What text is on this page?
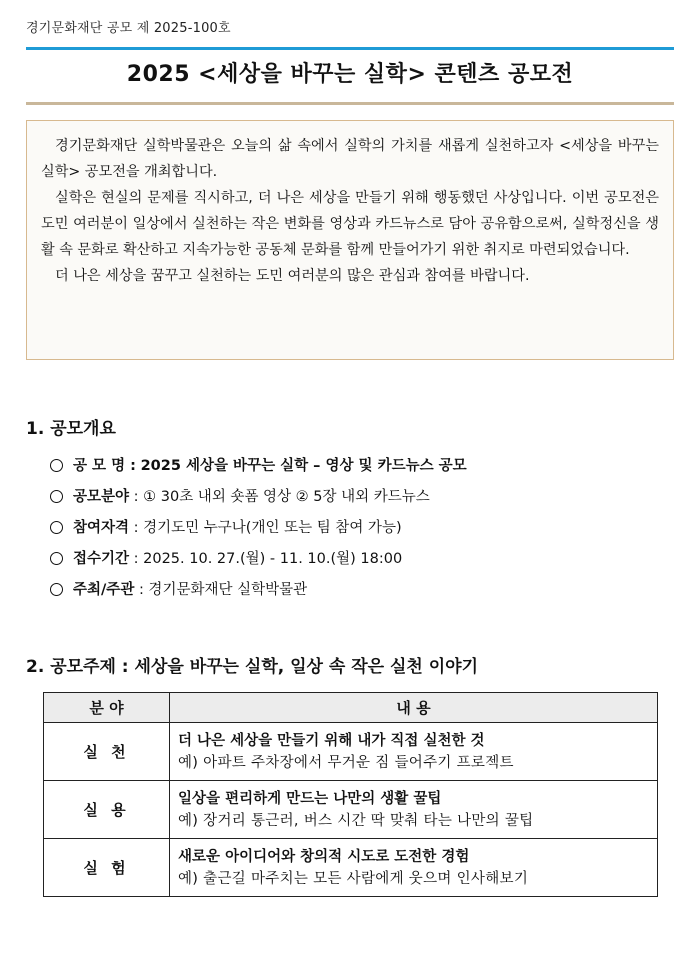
경기문화재단 공모 제 2025-100호
2025 <세상을 바꾸는 실학> 콘텐츠 공모전

경기문화재단 실학박물관은 오늘의 삶 속에서 실학의 가치를 새롭게 실천하고자 <세상을 바꾸는 실학> 공모전을 개최합니다.

실학은 현실의 문제를 직시하고, 더 나은 세상을 만들기 위해 행동했던 사상입니다. 이번 공모전은 도민 여러분이 일상에서 실천하는 작은 변화를 영상과 카드뉴스로 담아 공유함으로써, 실학정신을 생활 속 문화로 확산하고 지속가능한 공동체 문화를 함께 만들어가기 위한 취지로 마련되었습니다.

더 나은 세상을 꿈꾸고 실천하는 도민 여러분의 많은 관심과 참여를 바랍니다.

1. 공모개요
공 모 명 :
2025 세상을 바꾸는 실학 – 영상 및 카드뉴스 공모
공모분야
: ① 30초 내외 숏폼 영상 ② 5장 내외 카드뉴스
참여자격
: 경기도민 누구나(개인 또는 팀 참여 가능)
접수기간
: 2025. 10. 27.(월) - 11. 10.(월) 18:00
주최/주관
: 경기문화재단 실학박물관
2. 공모주제 : 세상을 바꾸는 실학, 일상 속 작은 실천 이야기
분 야	내 용
실 천	더 나은 세상을 만들기 위해 내가 직접 실천한 것
예) 아파트 주차장에서 무거운 짐 들어주기 프로젝트

실 용	일상을 편리하게 만드는 나만의 생활 꿀팁
예) 장거리 통근러, 버스 시간 딱 맞춰 타는 나만의 꿀팁

실 험	새로운 아이디어와 창의적 시도로 도전한 경험
예) 출근길 마주치는 모든 사람에게 웃으며 인사해보기
